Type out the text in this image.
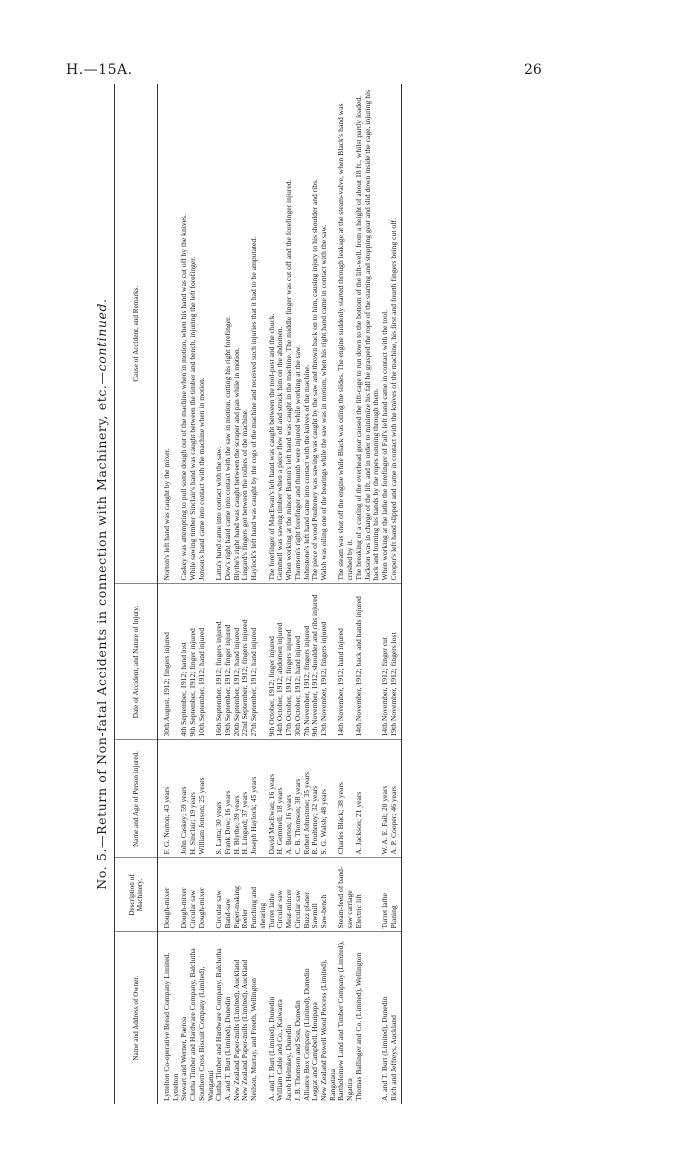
H.—15A.	26
No. 5.—Return of Non-fatal Accidents in connection with Machinery, etc.—continued.
Name and Address of Owner.	Description of Machinery.	Name and Age of Person injured.	Date of Accident, and Nature of Injury.	Cause of Accident, and Remarks.
Lyttelton Co-operative Bread Company Limited, Lyttelton	Dough-mixer	F. G. Norton; 43 years	30th August, 1912; fingers injured	Norton's left hand was caught by the mixer.
Stewart and Werner, Paeroa	Dough-mixer	John Caskey; 59 years	4th September, 1912; hand lost	Caskey was attempting to pull some dough out of the machine when in motion, when his hand was cut off by the knives.
Clutha Timber and Hardware Company, Balclutha	Circular saw	H. Sinclair; 19 years	9th September, 1912; finger injured	While sawing timber Sinclair's hand was caught between the timber and bench, injuring the left forefinger.
Southern Cross Biscuit Company (Limited), Wanganui	Dough-mixer	William Jonson; 25 years	10th September, 1912; hand injured	Jonson's hand came into contact with the machine when in motion.
Clutha Timber and Hardware Company, Balclutha	Circular saw	S. Latta; 30 years	16th September, 1912; fingers injured	Latta's hand came into contact with the saw.
A. and T. Burt (Limited), Dunedin	Band-saw	Frank Dow; 16 years	19th September, 1912; finger injured	Dow's right hand came into contact with the saw in motion, cutting his right forefinger.
New Zealand Paper-mills (Limited), Auckland	Paper-making	H. Blythe; 39 years	20th September, 1912; hand injured	Blythe's right hand was caught between the scraper and pan while in motion.
New Zealand Paper-mills (Limited), Auckland	Reeler	H. Lingard; 37 years	22nd September, 1912; fingers injured	Lingard's fingers got between the rollers of the machine.
Neilson, Murray, and Freeth, Wellington	Punching and shearing	Joseph Haylock; 45 years	27th September, 1912; hand injured	Haylock's left hand was caught by the cogs of the machine and received such injuries that it had to be amputated.
A. and T. Burt (Limited), Dunedin	Turret lathe	David MacEwan; 16 years	9th October, 1912; finger injured	The forefinger of MacEwan's left hand was caught between the tool-post and the chuck.
William Cable and Co., Kaiwarra	Circular saw	H. Gemmell; 18 years	14th October, 1912; abdomen injured	Gemmell was sawing timber when a piece flew off and struck him on the abdomen.
Jacob Helmkey, Dunedin	Meat-mincer	A. Burton; 16 years	17th October, 1912; fingers injured	When working at the mincer Burton's left hand was caught in the machine. The middle finger was cut off and the forefinger injured.
J. B. Thomson and Son, Dunedin	Circular saw	C. B. Thomson; 38 years	30th October, 1912; hand injured	Thomson's right forefinger and thumb were injured while working at the saw.
Alliance Box Company (Limited), Dunedin	Buzz planer	Robert Johnstone; 35 years	7th November, 1912; fingers injured	Johnstone's left hand came into contact with the knives of the machine.
Leggat and Campbell, Houipapa	Sawmill	R. Poulteney; 32 years	9th November, 1912; shoulder and ribs injured	The piece of wood Poulteney was sawing was caught by the saw and thrown back on to him, causing injury to his shoulder and ribs.
New Zealand Powell Wood Process (Limited), Rangataua	Saw-bench	S. G. Walsh; 48 years	13th November, 1912; fingers injured	Walsh was oiling one of the bearings while the saw was in motion, when his right hand came in contact with the saw.
Bartholomew Land and Timber Company (Limited), Ngatira	Steam-feed of band-saw carriage	Charles Black; 38 years	14th November, 1912; hand injured	The steam was shut off the engine while Black was oiling the slides. The engine suddenly started through leakage at the steam-valve, when Black's hand was crushed by it.
Thomas Ballinger and Co. (Limited), Wellington	Electric lift	A. Jackson; 21 years	14th November, 1912; back and hands injured	The breaking of a casting of the overhead gear caused the lift-cage to run down to the bottom of the lift-well, from a height of about 18 ft., whilst partly loaded. Jackson was in charge of the lift, and in order to minimize his fall he grasped the rope of the starting and stopping gear and slid down inside the cage, injuring his back and burning his hands by the ropes running through them.
A. and T. Burt (Limited), Dunedin	Turret lathe	W. A. E. Fail; 20 years	14th November, 1912; finger cut	When working at the lathe the forefinger of Fail's left hand came in contact with the tool.
Rich and Jeffreys, Auckland	Planing	A. P. Cooper; 46 years	19th November, 1912; fingers lost	Cooper's left hand slipped and came in contact with the knives of the machine, his first and fourth fingers being cut off.
